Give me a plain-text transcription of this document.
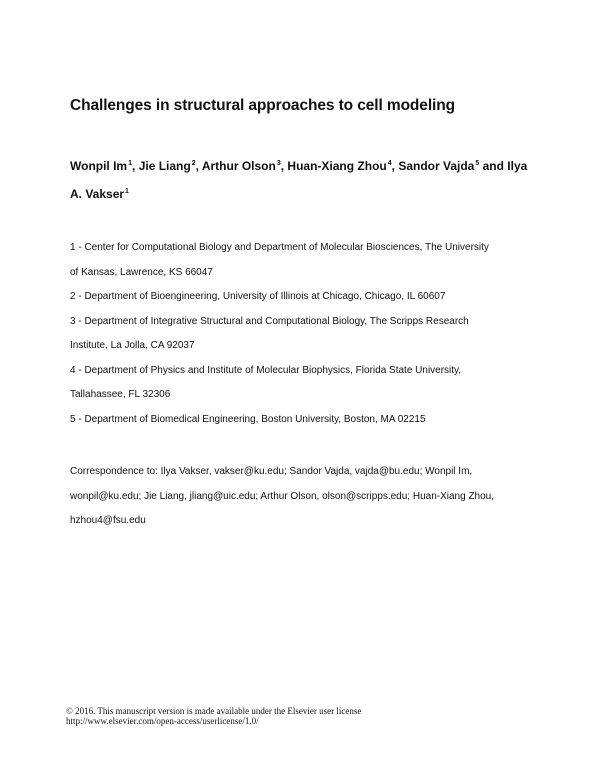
Challenges in structural approaches to cell modeling
Wonpil Im$^1$, Jie Liang$^2$, Arthur Olson$^3$, Huan-Xiang Zhou$^4$, Sandor Vajda$^5$ and Ilya A. Vakser$^1$
1 - Center for Computational Biology and Department of Molecular Biosciences, The University
of Kansas, Lawrence, KS 66047
2 - Department of Bioengineering, University of Illinois at Chicago, Chicago, IL 60607
3 - Department of Integrative Structural and Computational Biology, The Scripps Research
Institute, La Jolla, CA 92037
4 - Department of Physics and Institute of Molecular Biophysics, Florida State University,
Tallahassee, FL 32306
5 - Department of Biomedical Engineering, Boston University, Boston, MA 02215
Correspondence to: Ilya Vakser, vakser@ku.edu; Sandor Vajda, vajda@bu.edu; Wonpil Im, wonpil@ku.edu; Jie Liang, jliang@uic.edu; Arthur Olson, olson@scripps.edu; Huan-Xiang Zhou, hzhou4@fsu.edu
© 2016. This manuscript version is made available under the Elsevier user license
http://www.elsevier.com/open-access/userlicense/1.0/
